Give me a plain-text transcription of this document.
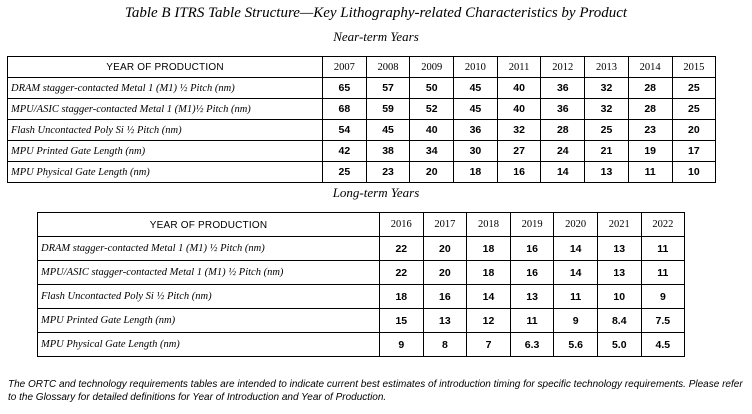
Table B ITRS Table Structure—Key Lithography-related Characteristics by Product
Near-term Years
YEAR OF PRODUCTION	2007	2008	2009	2010	2011	2012	2013	2014	2015
DRAM stagger-contacted Metal 1 (M1) ½ Pitch (nm)	65	57	50	45	40	36	32	28	25
MPU/ASIC stagger-contacted Metal 1 (M1)½ Pitch (nm)	68	59	52	45	40	36	32	28	25
Flash Uncontacted Poly Si ½ Pitch (nm)	54	45	40	36	32	28	25	23	20
MPU Printed Gate Length (nm)	42	38	34	30	27	24	21	19	17
MPU Physical Gate Length (nm)	25	23	20	18	16	14	13	11	10
Long-term Years
YEAR OF PRODUCTION	2016	2017	2018	2019	2020	2021	2022
DRAM stagger-contacted Metal 1 (M1) ½ Pitch (nm)	22	20	18	16	14	13	11
MPU/ASIC stagger-contacted Metal 1 (M1) ½ Pitch (nm)	22	20	18	16	14	13	11
Flash Uncontacted Poly Si ½ Pitch (nm)	18	16	14	13	11	10	9
MPU Printed Gate Length (nm)	15	13	12	11	9	8.4	7.5
MPU Physical Gate Length (nm)	9	8	7	6.3	5.6	5.0	4.5
The ORTC and technology requirements tables are intended to indicate current best estimates of introduction timing for specific technology requirements. Please refer to the Glossary for detailed definitions for Year of Introduction and Year of Production.
